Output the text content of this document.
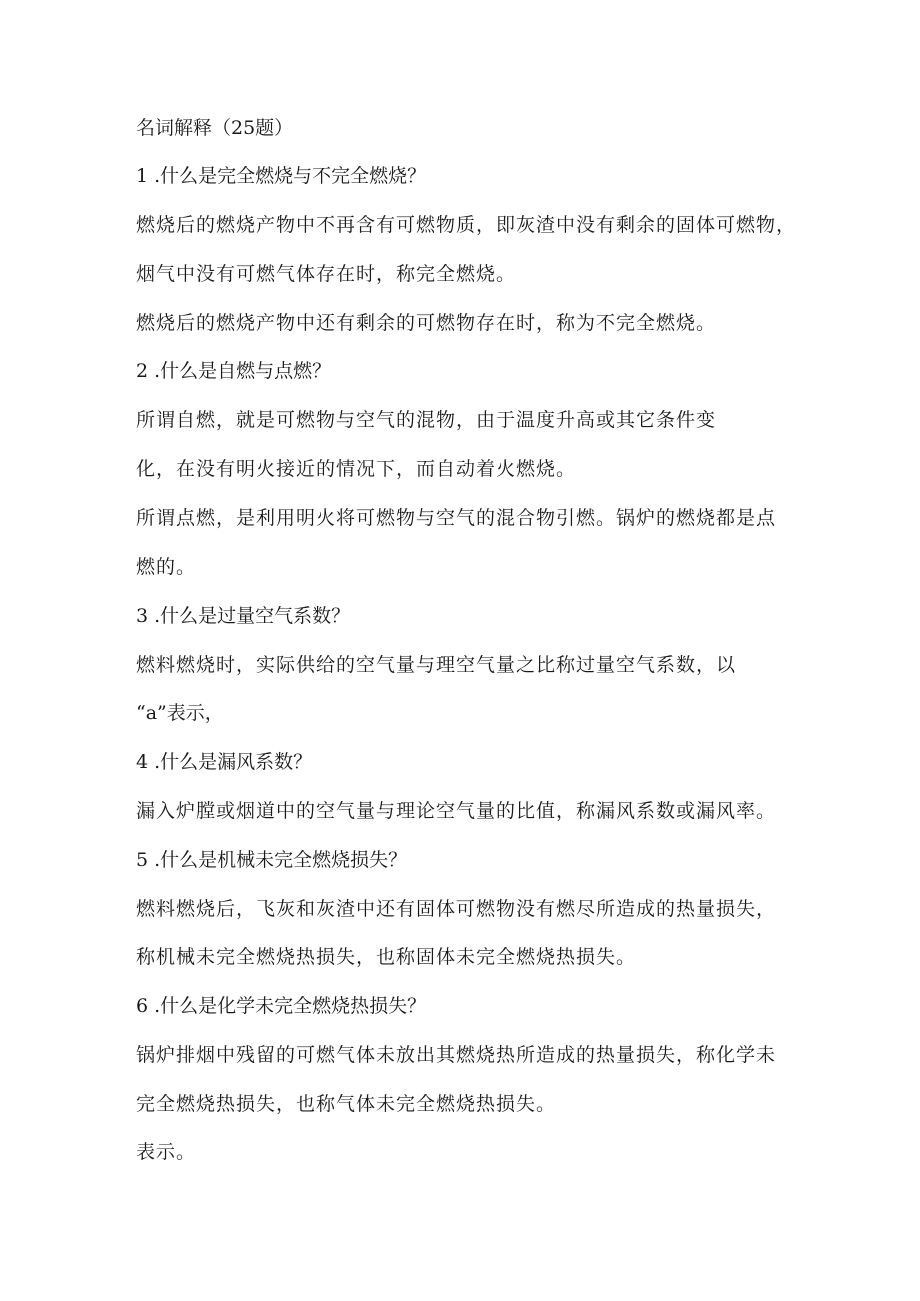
名词解释（25题）

1 .什么是完全燃烧与不完全燃烧？

燃烧后的燃烧产物中不再含有可燃物质，即灰渣中没有剩余的固体可燃物，

烟气中没有可燃气体存在时，称完全燃烧。

燃烧后的燃烧产物中还有剩余的可燃物存在时，称为不完全燃烧。

2 .什么是自燃与点燃？

所谓自燃，就是可燃物与空气的混物，由于温度升高或其它条件变

化，在没有明火接近的情况下，而自动着火燃烧。

所谓点燃，是利用明火将可燃物与空气的混合物引燃。锅炉的燃烧都是点

燃的。

3 .什么是过量空气系数？

燃料燃烧时，实际供给的空气量与理空气量之比称过量空气系数，以

“a”表示，

4 .什么是漏风系数？

漏入炉膛或烟道中的空气量与理论空气量的比值，称漏风系数或漏风率。

5 .什么是机械未完全燃烧损失？

燃料燃烧后，飞灰和灰渣中还有固体可燃物没有燃尽所造成的热量损失，

称机械未完全燃烧热损失，也称固体未完全燃烧热损失。

6 .什么是化学未完全燃烧热损失？

锅炉排烟中残留的可燃气体未放出其燃烧热所造成的热量损失，称化学未

完全燃烧热损失，也称气体未完全燃烧热损失。

表示。
